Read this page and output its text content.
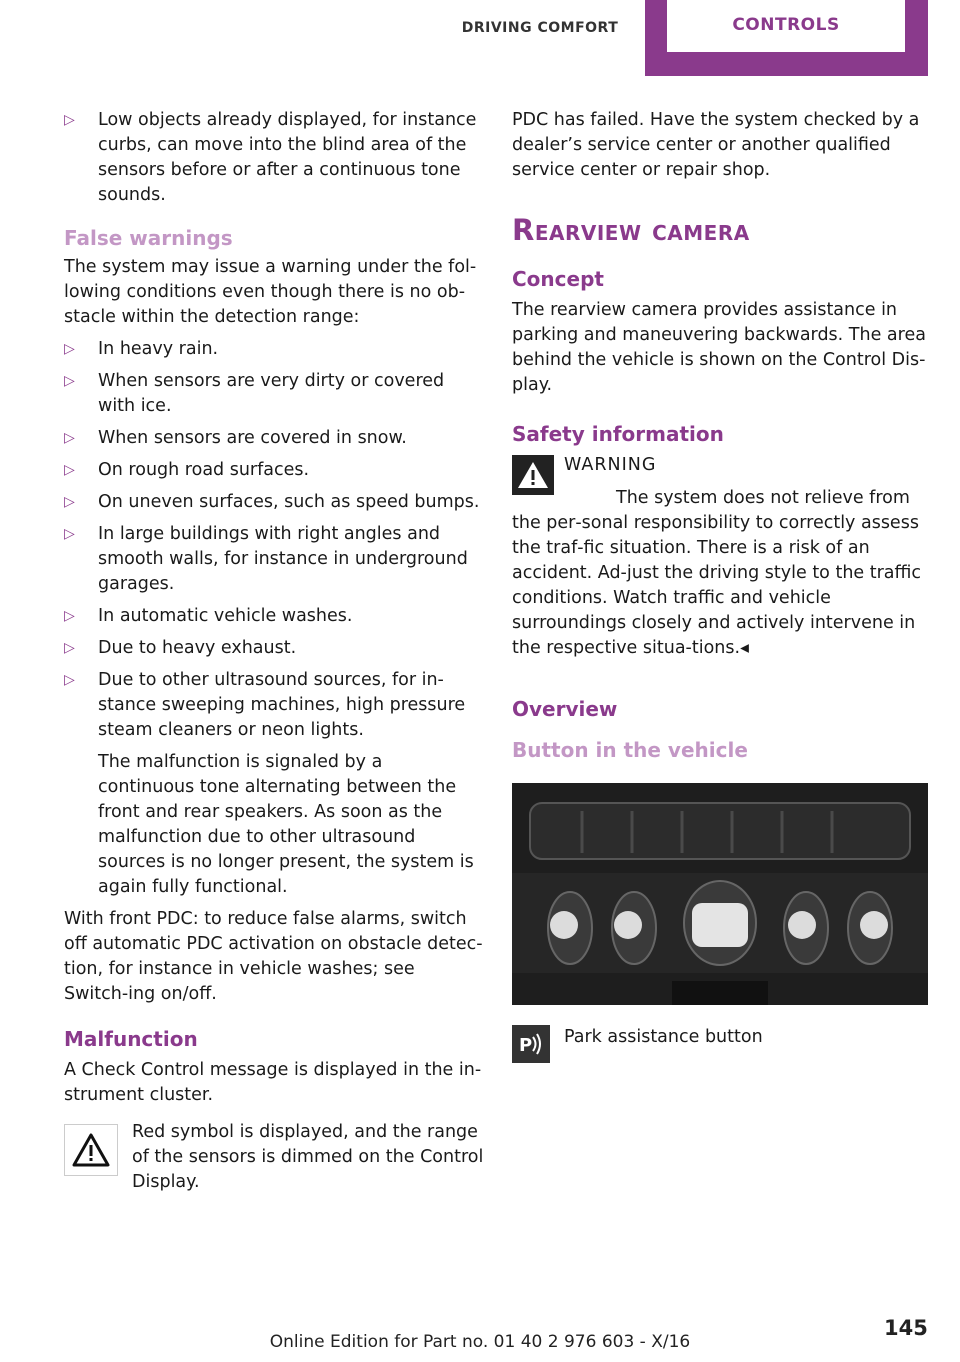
DRIVING COMFORT	CONTROLS
▷ Low objects already displayed, for instance curbs, can move into the blind area of the sensors before or after a continuous tone sounds.
False warnings

The system may issue a warning under the fol‐lowing conditions even though there is no ob‐stacle within the detection range:

▷ In heavy rain.
▷ When sensors are very dirty or covered with ice.
▷ When sensors are covered in snow.
▷ On rough road surfaces.
▷ On uneven surfaces, such as speed bumps.
▷ In large buildings with right angles and smooth walls, for instance in underground garages.
▷ In automatic vehicle washes.
▷ Due to heavy exhaust.
▷ Due to other ultrasound sources, for in‐stance sweeping machines, high pressure steam cleaners or neon lights.

The malfunction is signaled by a continuous tone alternating between the front and rear speakers. As soon as the malfunction due to other ultrasound sources is no longer present, the system is again fully functional.

With front PDC: to reduce false alarms, switch off automatic PDC activation on obstacle detec‐tion, for instance in vehicle washes; see Switch‐ing on/off.

Malfunction

A Check Control message is displayed in the in‐strument cluster.

Red symbol is displayed, and the range of the sensors is dimmed on the Control Display.

PDC has failed. Have the system checked by a dealer’s service center or another qualified service center or repair shop.

Rearview camera
Concept

The rearview camera provides assistance in parking and maneuvering backwards. The area behind the vehicle is shown on the Control Dis‐play.

Safety information
WARNING
The system does not relieve from the per‐sonal responsibility to correctly assess the traf‐fic situation. There is a risk of an accident. Ad‐just the driving style to the traffic conditions. Watch traffic and vehicle surroundings closely and actively intervene in the respective situa‐tions.◂
Overview
Button in the vehicle
P Park assistance button
145
Online Edition for Part no. 01 40 2 976 603 - X/16
